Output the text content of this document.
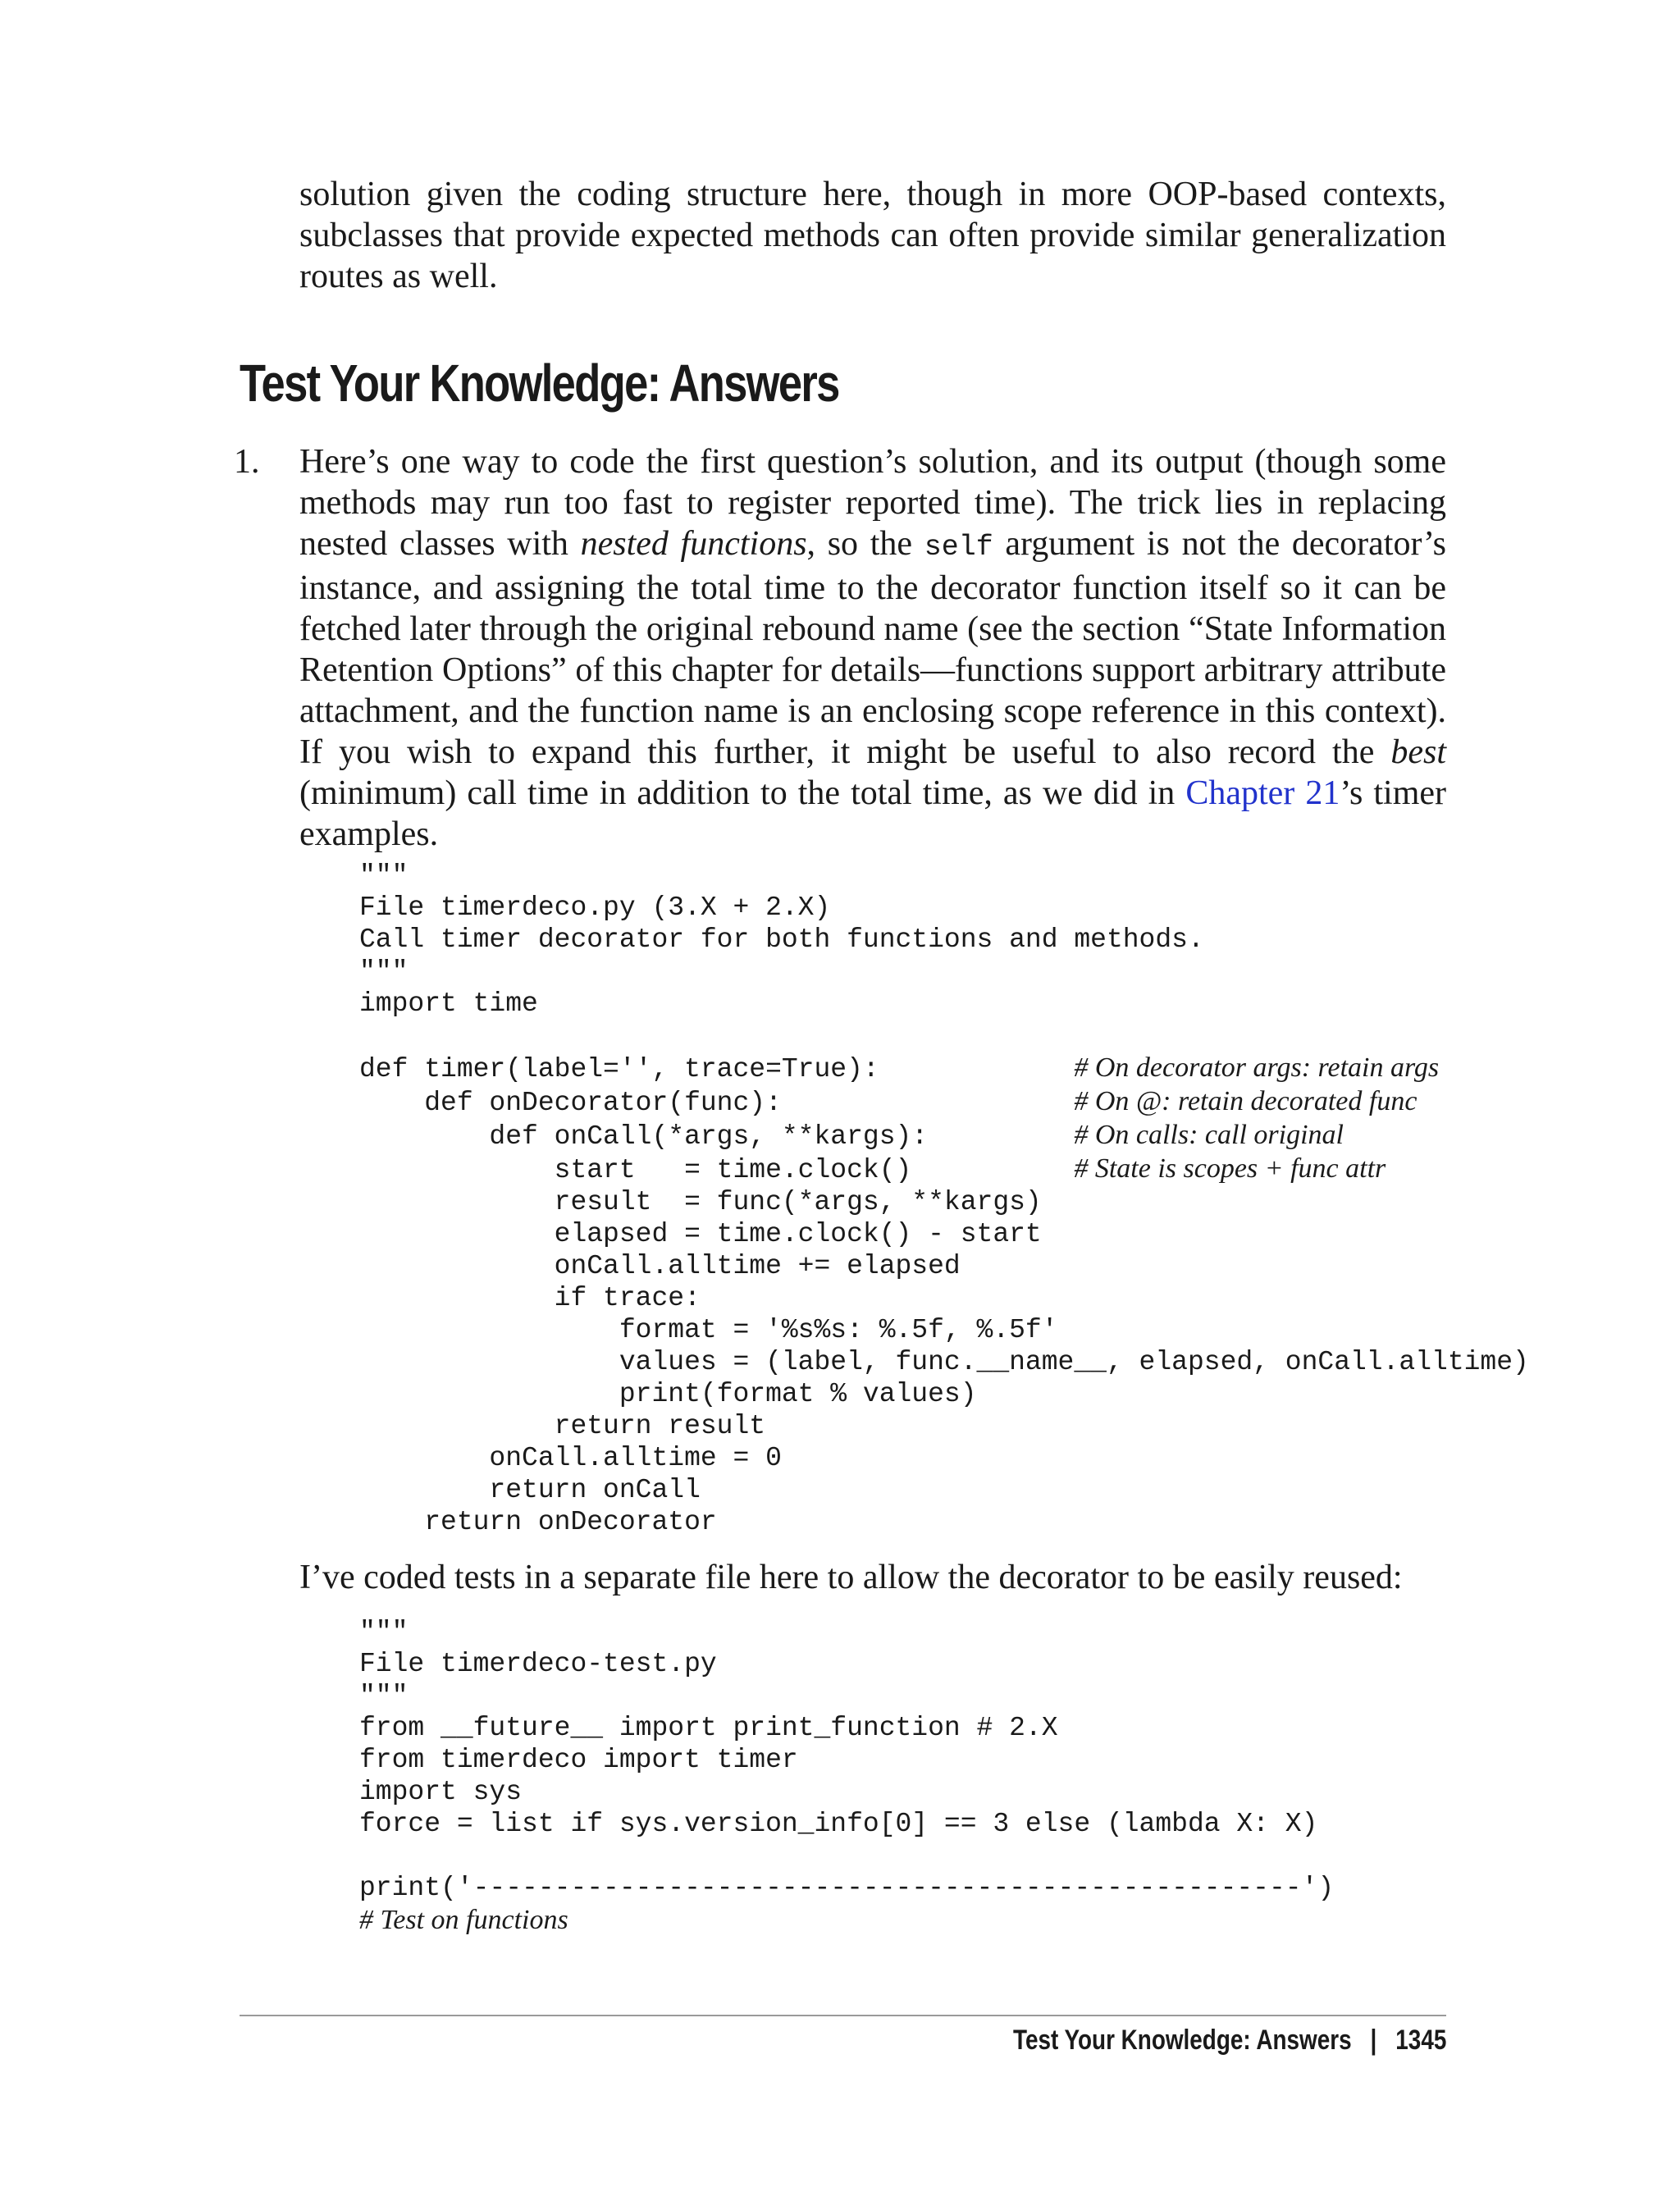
solution given the coding structure here, though in more OOP-based contexts, subclasses that provide expected methods can often provide similar generalization routes as well.

Test Your Knowledge: Answers

1. Here’s one way to code the first question’s solution, and its output (though some methods may run too fast to register reported time). The trick lies in replacing nested classes with nested functions, so the self argument is not the decorator’s instance, and assigning the total time to the decorator function itself so it can be fetched later through the original rebound name (see the section “State Information Retention Options” of this chapter for details—functions support arbitrary attribute attachment, and the function name is an enclosing scope reference in this context). If you wish to expand this further, it might be useful to also record the best (minimum) call time in addition to the total time, as we did in Chapter 21’s timer examples.

"""
File timerdeco.py (3.X + 2.X)
Call timer decorator for both functions and methods.
"""
import time

def timer(label='', trace=True):            # On decorator args: retain args
def onDecorator(func):                  # On @: retain decorated func
def onCall(*args, **kargs):         # On calls: call original
start   = time.clock()          # State is scopes + func attr
result  = func(*args, **kargs)
elapsed = time.clock() - start
onCall.alltime += elapsed
if trace:
format = '%s%s: %.5f, %.5f'
values = (label, func.__name__, elapsed, onCall.alltime)
print(format % values)
return result
onCall.alltime = 0
return onCall
return onDecorator

I’ve coded tests in a separate file here to allow the decorator to be easily reused:

"""
File timerdeco-test.py
"""
from __future__ import print_function # 2.X
from timerdeco import timer
import sys
force = list if sys.version_info[0] == 3 else (lambda X: X)

print('---------------------------------------------------')
# Test on functions
Test Your Knowledge: Answers | 1345
